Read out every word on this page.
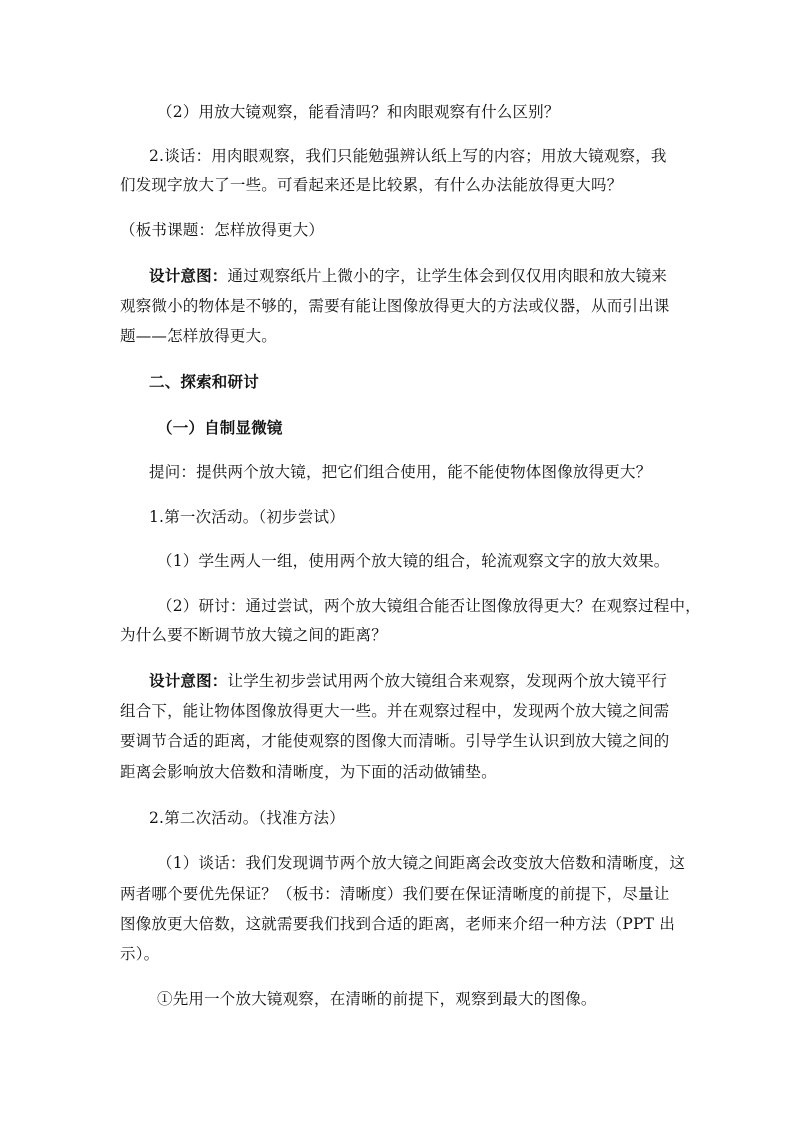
（2）用放大镜观察，能看清吗？和肉眼观察有什么区别？
2.谈话：用肉眼观察，我们只能勉强辨认纸上写的内容；用放大镜观察，我
们发现字放大了一些。可看起来还是比较累，有什么办法能放得更大吗？
（板书课题：怎样放得更大）
设计意图：通过观察纸片上微小的字，让学生体会到仅仅用肉眼和放大镜来
观察微小的物体是不够的，需要有能让图像放得更大的方法或仪器，从而引出课
题——怎样放得更大。
二、探索和研讨
（一）自制显微镜
提问：提供两个放大镜，把它们组合使用，能不能使物体图像放得更大？
1.第一次活动。（初步尝试）
（1）学生两人一组，使用两个放大镜的组合，轮流观察文字的放大效果。
（2）研讨：通过尝试，两个放大镜组合能否让图像放得更大？在观察过程中，
为什么要不断调节放大镜之间的距离？
设计意图：让学生初步尝试用两个放大镜组合来观察，发现两个放大镜平行
组合下，能让物体图像放得更大一些。并在观察过程中，发现两个放大镜之间需
要调节合适的距离，才能使观察的图像大而清晰。引导学生认识到放大镜之间的
距离会影响放大倍数和清晰度，为下面的活动做铺垫。
2.第二次活动。（找准方法）
（1）谈话：我们发现调节两个放大镜之间距离会改变放大倍数和清晰度，这
两者哪个要优先保证？（板书：清晰度）我们要在保证清晰度的前提下，尽量让
图像放更大倍数，这就需要我们找到合适的距离，老师来介绍一种方法（PPT 出
示）。
①先用一个放大镜观察，在清晰的前提下，观察到最大的图像。
